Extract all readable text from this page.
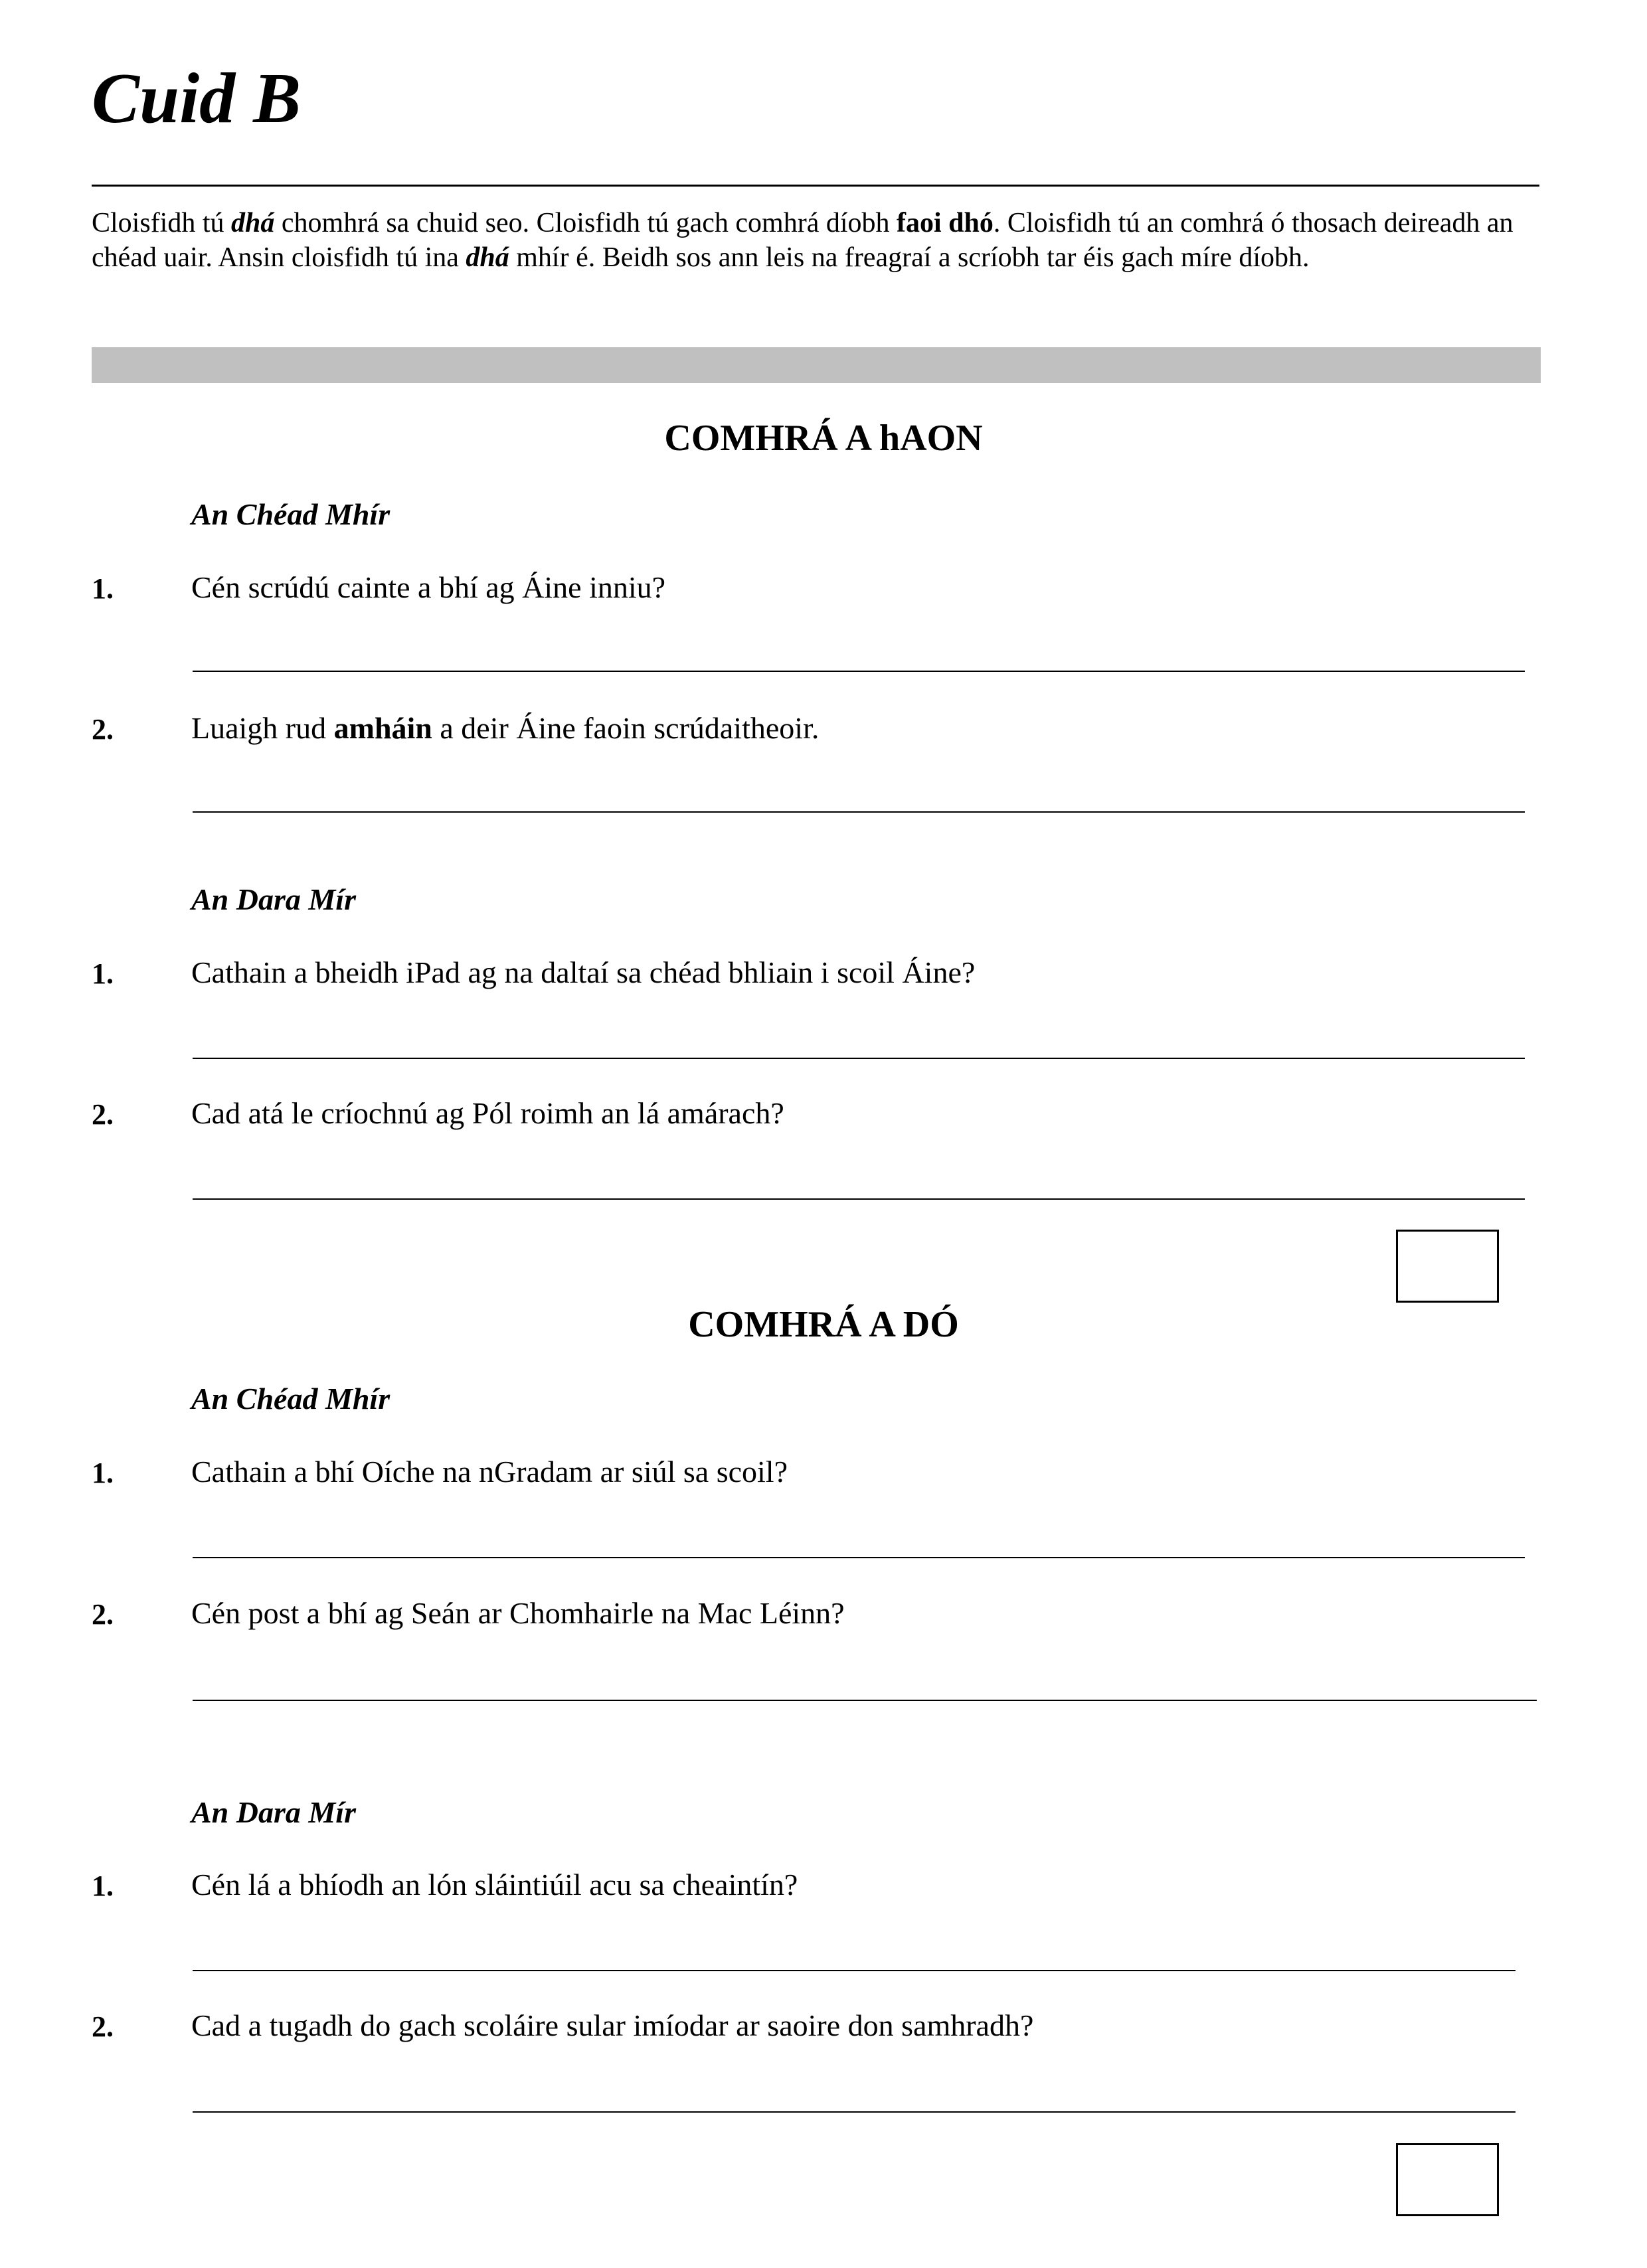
Cuid B
Cloisfidh tú dhá chomhrá sa chuid seo. Cloisfidh tú gach comhrá díobh faoi dhó. Cloisfidh tú an comhrá ó thosach deireadh an chéad uair. Ansin cloisfidh tú ina dhá mhír é. Beidh sos ann leis na freagraí a scríobh tar éis gach míre díobh.
COMHRÁ A hAON
An Chéad Mhír
1.	Cén scrúdú cainte a bhí ag Áine inniu?
2.	Luaigh rud amháin a deir Áine faoin scrúdaitheoir.
An Dara Mír
1.	Cathain a bheidh iPad ag na daltaí sa chéad bhliain i scoil Áine?
2.	Cad atá le críochnú ag Pól roimh an lá amárach?
COMHRÁ A DÓ
An Chéad Mhír
1.	Cathain a bhí Oíche na nGradam ar siúl sa scoil?
2.	Cén post a bhí ag Seán ar Chomhairle na Mac Léinn?
An Dara Mír
1.	Cén lá a bhíodh an lón sláintiúil acu sa cheaintín?
2.	Cad a tugadh do gach scoláire sular imíodar ar saoire don samhradh?
